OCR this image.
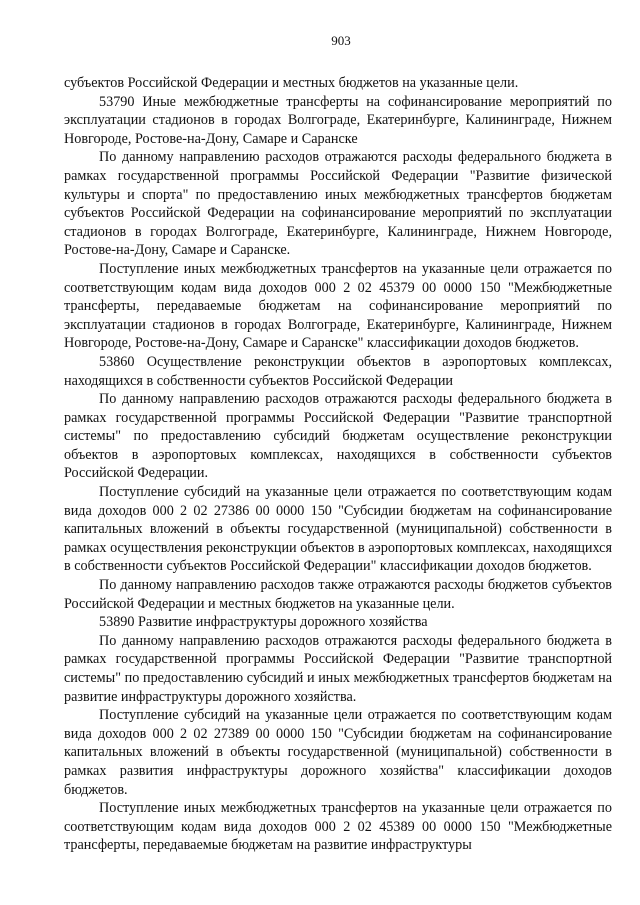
903

субъектов Российской Федерации и местных бюджетов на указанные цели.

53790 Иные межбюджетные трансферты на софинансирование мероприятий по эксплуатации стадионов в городах Волгограде, Екатеринбурге, Калининграде, Нижнем Новгороде, Ростове-на-Дону, Самаре и Саранске

По данному направлению расходов отражаются расходы федерального бюджета в рамках государственной программы Российской Федерации "Развитие физической культуры и спорта" по предоставлению иных межбюджетных трансфертов бюджетам субъектов Российской Федерации на софинансирование мероприятий по эксплуатации стадионов в городах Волгограде, Екатеринбурге, Калининграде, Нижнем Новгороде, Ростове-на-Дону, Самаре и Саранске.

Поступление иных межбюджетных трансфертов на указанные цели отражается по соответствующим кодам вида доходов 000 2 02 45379 00 0000 150 "Межбюджетные трансферты, передаваемые бюджетам на софинансирование мероприятий по эксплуатации стадионов в городах Волгограде, Екатеринбурге, Калининграде, Нижнем Новгороде, Ростове-на-Дону, Самаре и Саранске" классификации доходов бюджетов.

53860 Осуществление реконструкции объектов в аэропортовых комплексах, находящихся в собственности субъектов Российской Федерации

По данному направлению расходов отражаются расходы федерального бюджета в рамках государственной программы Российской Федерации "Развитие транспортной системы" по предоставлению субсидий бюджетам осуществление реконструкции объектов в аэропортовых комплексах, находящихся в собственности субъектов Российской Федерации.

Поступление субсидий на указанные цели отражается по соответствующим кодам вида доходов 000 2 02 27386 00 0000 150 "Субсидии бюджетам на софинансирование капитальных вложений в объекты государственной (муниципальной) собственности в рамках осуществления реконструкции объектов в аэропортовых комплексах, находящихся в собственности субъектов Российской Федерации" классификации доходов бюджетов.

По данному направлению расходов также отражаются расходы бюджетов субъектов Российской Федерации и местных бюджетов на указанные цели.

53890 Развитие инфраструктуры дорожного хозяйства

По данному направлению расходов отражаются расходы федерального бюджета в рамках государственной программы Российской Федерации "Развитие транспортной системы" по предоставлению субсидий и иных межбюджетных трансфертов бюджетам на развитие инфраструктуры дорожного хозяйства.

Поступление субсидий на указанные цели отражается по соответствующим кодам вида доходов 000 2 02 27389 00 0000 150 "Субсидии бюджетам на софинансирование капитальных вложений в объекты государственной (муниципальной) собственности в рамках развития инфраструктуры дорожного хозяйства" классификации доходов бюджетов.

Поступление иных межбюджетных трансфертов на указанные цели отражается по соответствующим кодам вида доходов 000 2 02 45389 00 0000 150 "Межбюджетные трансферты, передаваемые бюджетам на развитие инфраструктуры
